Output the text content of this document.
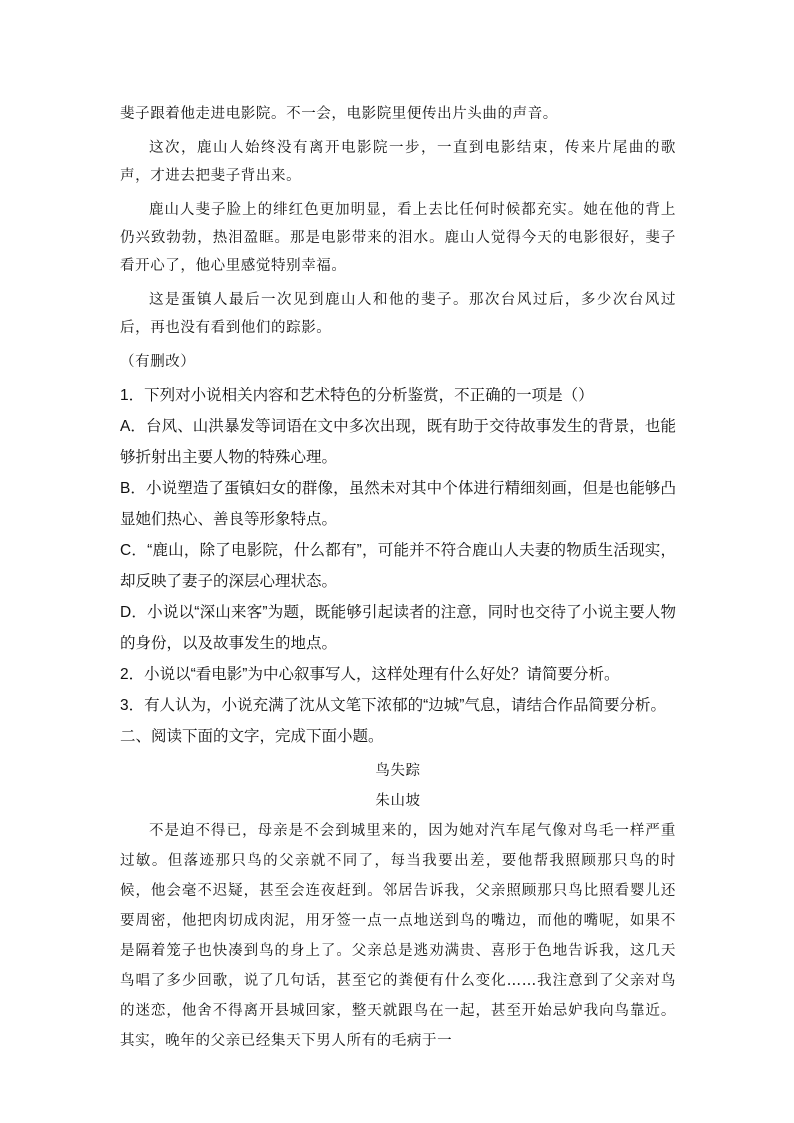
斐子跟着他走进电影院。不一会，电影院里便传出片头曲的声音。

这次，鹿山人始终没有离开电影院一步，一直到电影结束，传来片尾曲的歌声，才进去把斐子背出来。

鹿山人斐子脸上的绯红色更加明显，看上去比任何时候都充实。她在他的背上仍兴致勃勃，热泪盈眶。那是电影带来的泪水。鹿山人觉得今天的电影很好，斐子看开心了，他心里感觉特别幸福。

这是蛋镇人最后一次见到鹿山人和他的斐子。那次台风过后，多少次台风过后，再也没有看到他们的踪影。

（有删改）

1．下列对小说相关内容和艺术特色的分析鉴赏，不正确的一项是（）

A．台风、山洪暴发等词语在文中多次出现，既有助于交待故事发生的背景，也能够折射出主要人物的特殊心理。

B．小说塑造了蛋镇妇女的群像，虽然未对其中个体进行精细刻画，但是也能够凸显她们热心、善良等形象特点。

C．“鹿山，除了电影院，什么都有”，可能并不符合鹿山人夫妻的物质生活现实，却反映了妻子的深层心理状态。

D．小说以“深山来客”为题，既能够引起读者的注意，同时也交待了小说主要人物的身份，以及故事发生的地点。

2．小说以“看电影”为中心叙事写人，这样处理有什么好处？请简要分析。

3．有人认为，小说充满了沈从文笔下浓郁的“边城”气息，请结合作品简要分析。

二、阅读下面的文字，完成下面小题。

鸟失踪

朱山坡

不是迫不得已，母亲是不会到城里来的，因为她对汽车尾气像对鸟毛一样严重过敏。但落迹那只鸟的父亲就不同了，每当我要出差，要他帮我照顾那只鸟的时候，他会毫不迟疑，甚至会连夜赶到。邻居告诉我，父亲照顾那只鸟比照看婴儿还要周密，他把肉切成肉泥，用牙签一点一点地送到鸟的嘴边，而他的嘴呢，如果不是隔着笼子也快凑到鸟的身上了。父亲总是逃劝满贵、喜形于色地告诉我，这几天鸟唱了多少回歌，说了几句话，甚至它的粪便有什么变化……我注意到了父亲对鸟的迷恋，他舍不得离开县城回家，整天就跟鸟在一起，甚至开始忌妒我向鸟靠近。其实，晚年的父亲已经集天下男人所有的毛病于一
